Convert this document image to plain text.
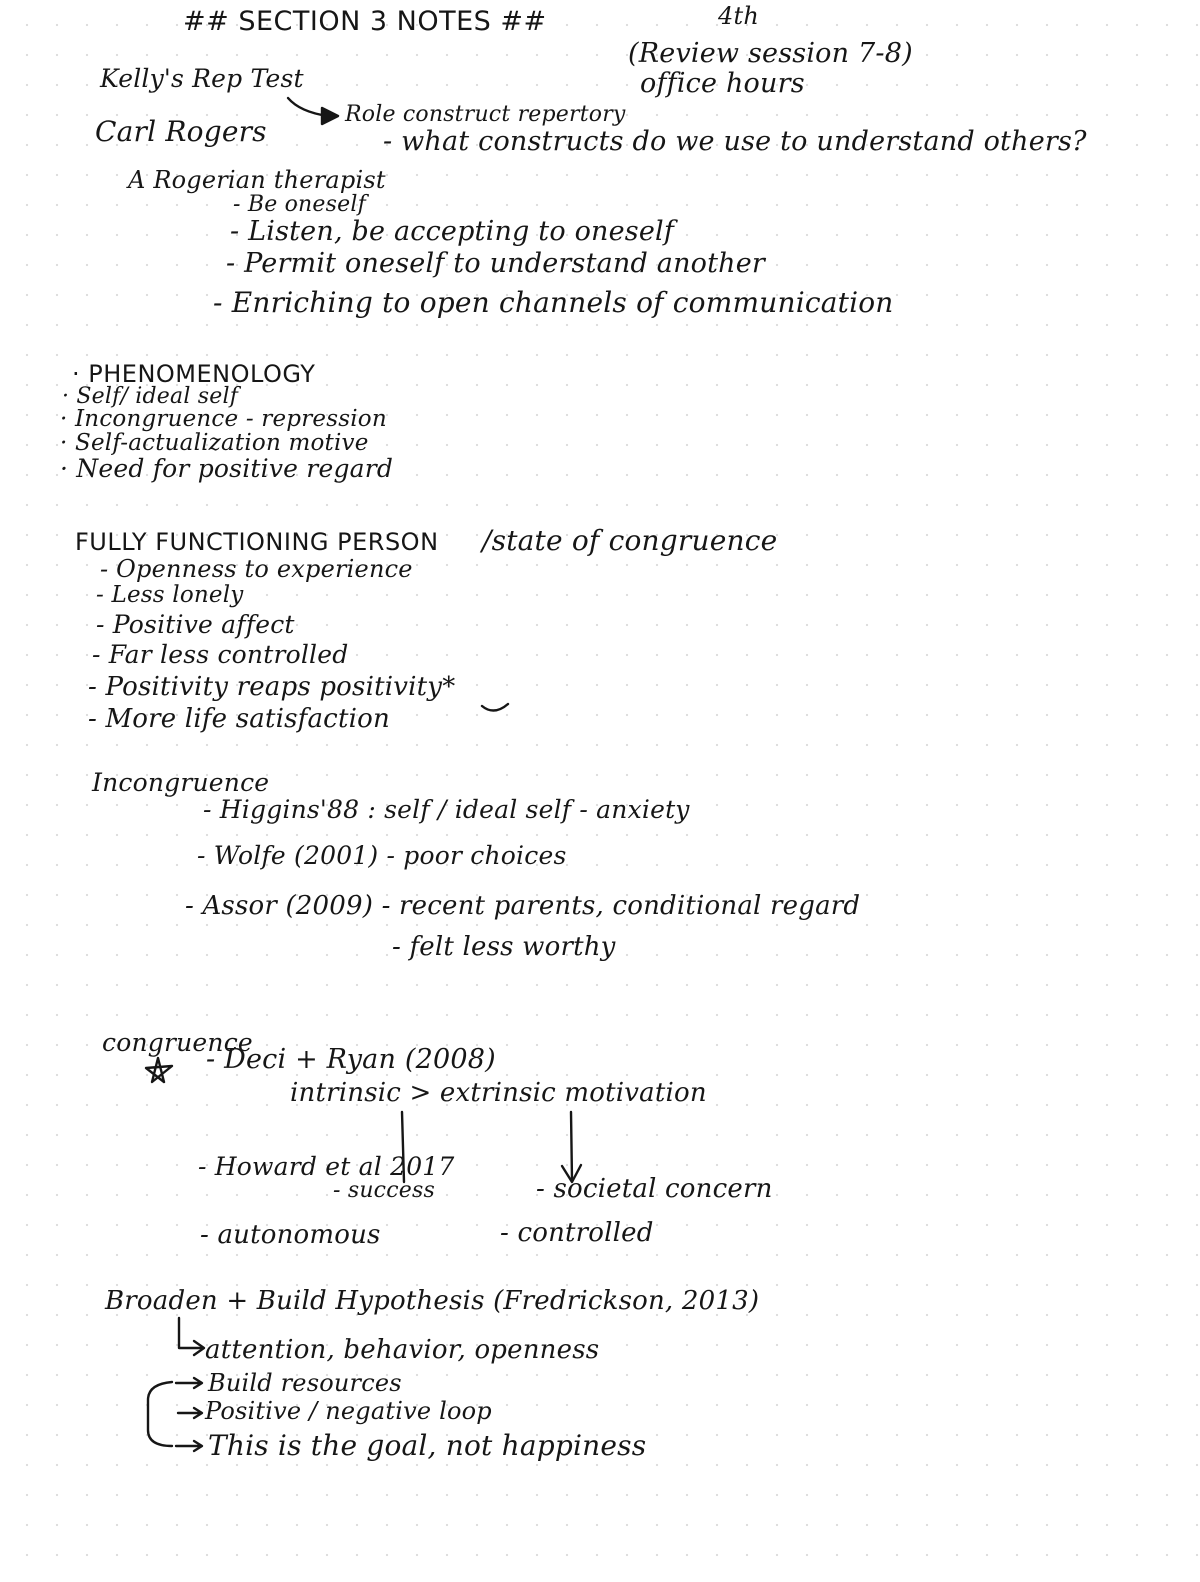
## SECTION 3 NOTES ##	4th
(Review session 7-8)
office hours
Kelly's Rep Test
Role construct repertory
- what constructs do we use to understand others?
Carl Rogers
A Rogerian therapist
- Be oneself
- Listen, be accepting to oneself
- Permit oneself to understand another
- Enriching to open channels of communication
· PHENOMENOLOGY
· Self/ ideal self
· Incongruence - repression
· Self-actualization motive
· Need for positive regard
FULLY FUNCTIONING PERSON /state of congruence
- Openness to experience
- Less lonely
- Positive affect
- Far less controlled
- Positivity reaps positivity*
- More life satisfaction
Incongruence
- Higgins'88 : self / ideal self - anxiety
- Wolfe (2001) - poor choices
- Assor (2009) - recent parents, conditional regard
- felt less worthy
congruence
- Deci + Ryan (2008)
intrinsic > extrinsic motivation
- Howard et al 2017
- success	- societal concern
- autonomous	- controlled
Broaden + Build Hypothesis (Fredrickson, 2013)
attention, behavior, openness
Build resources
Positive / negative loop
This is the goal, not happiness
